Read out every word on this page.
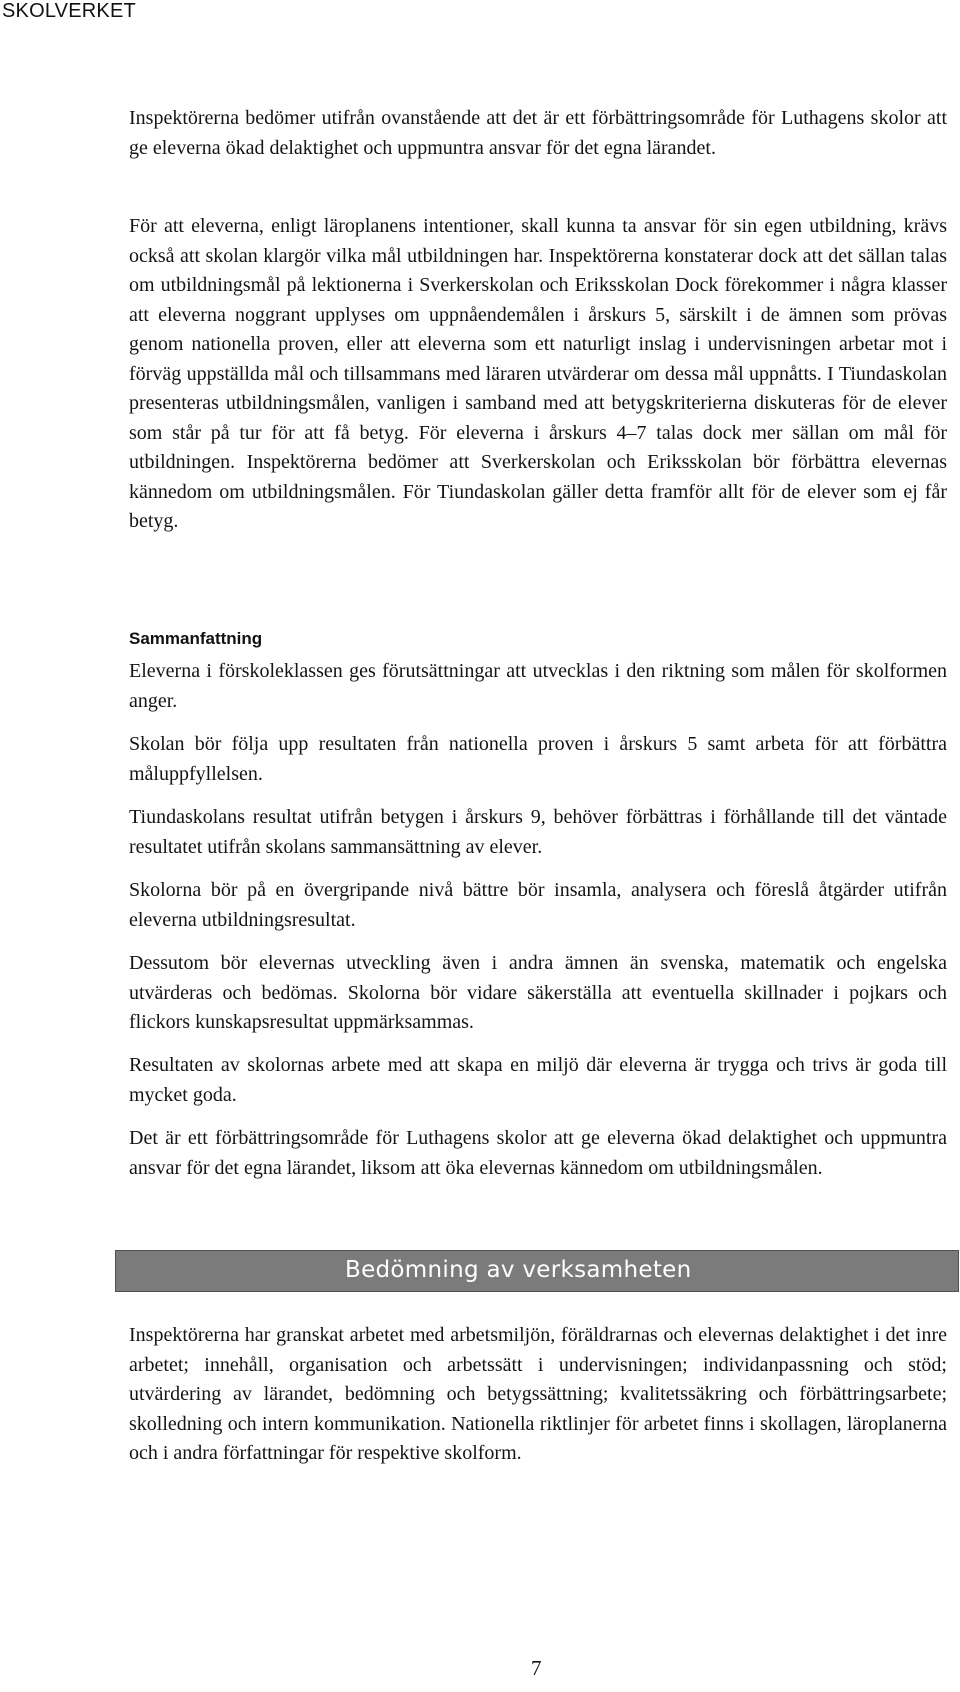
SKOLVERKET

Inspektörerna bedömer utifrån ovanstående att det är ett förbättringsområde för Luthagens skolor att ge eleverna ökad delaktighet och uppmuntra ansvar för det egna lärandet.

För att eleverna, enligt läroplanens intentioner, skall kunna ta ansvar för sin egen utbildning, krävs också att skolan klargör vilka mål utbildningen har. Inspektörerna konstaterar dock att det sällan talas om utbildningsmål på lektionerna i Sverkerskolan och Eriksskolan Dock förekommer i några klasser att eleverna noggrant upplyses om uppnåendemålen i årskurs 5, särskilt i de ämnen som prövas genom nationella proven, eller att eleverna som ett naturligt inslag i undervisningen arbetar mot i förväg uppställda mål och tillsammans med läraren utvärderar om dessa mål uppnåtts. I Tiundaskolan presenteras utbildningsmålen, vanligen i samband med att betygskriterierna diskuteras för de elever som står på tur för att få betyg. För eleverna i årskurs 4–7 talas dock mer sällan om mål för utbildningen. Inspektörerna bedömer att Sverkerskolan och Eriksskolan bör förbättra elevernas kännedom om utbildningsmålen. För Tiundaskolan gäller detta framför allt för de elever som ej får betyg.

Sammanfattning

Eleverna i förskoleklassen ges förutsättningar att utvecklas i den riktning som målen för skolformen anger.

Skolan bör följa upp resultaten från nationella proven i årskurs 5 samt arbeta för att förbättra måluppfyllelsen.

Tiundaskolans resultat utifrån betygen i årskurs 9, behöver förbättras i förhållande till det väntade resultatet utifrån skolans sammansättning av elever.

Skolorna bör på en övergripande nivå bättre bör insamla, analysera och föreslå åtgärder utifrån eleverna utbildningsresultat.

Dessutom bör elevernas utveckling även i andra ämnen än svenska, matematik och engelska utvärderas och bedömas. Skolorna bör vidare säkerställa att eventuella skillnader i pojkars och flickors kunskapsresultat uppmärksammas.

Resultaten av skolornas arbete med att skapa en miljö där eleverna är trygga och trivs är goda till mycket goda.

Det är ett förbättringsområde för Luthagens skolor att ge eleverna ökad delaktighet och uppmuntra ansvar för det egna lärandet, liksom att öka elevernas kännedom om utbildningsmålen.

Inspektörerna har granskat arbetet med arbetsmiljön, föräldrarnas och elevernas delaktighet i det inre arbetet; innehåll, organisation och arbetssätt i undervisningen; individanpassning och stöd; utvärdering av lärandet, bedömning och betygssättning; kvalitetssäkring och förbättringsarbete; skolledning och intern kommunikation. Nationella riktlinjer för arbetet finns i skollagen, läroplanerna och i andra författningar för respektive skolform.

Bedömning av verksamheten
7
